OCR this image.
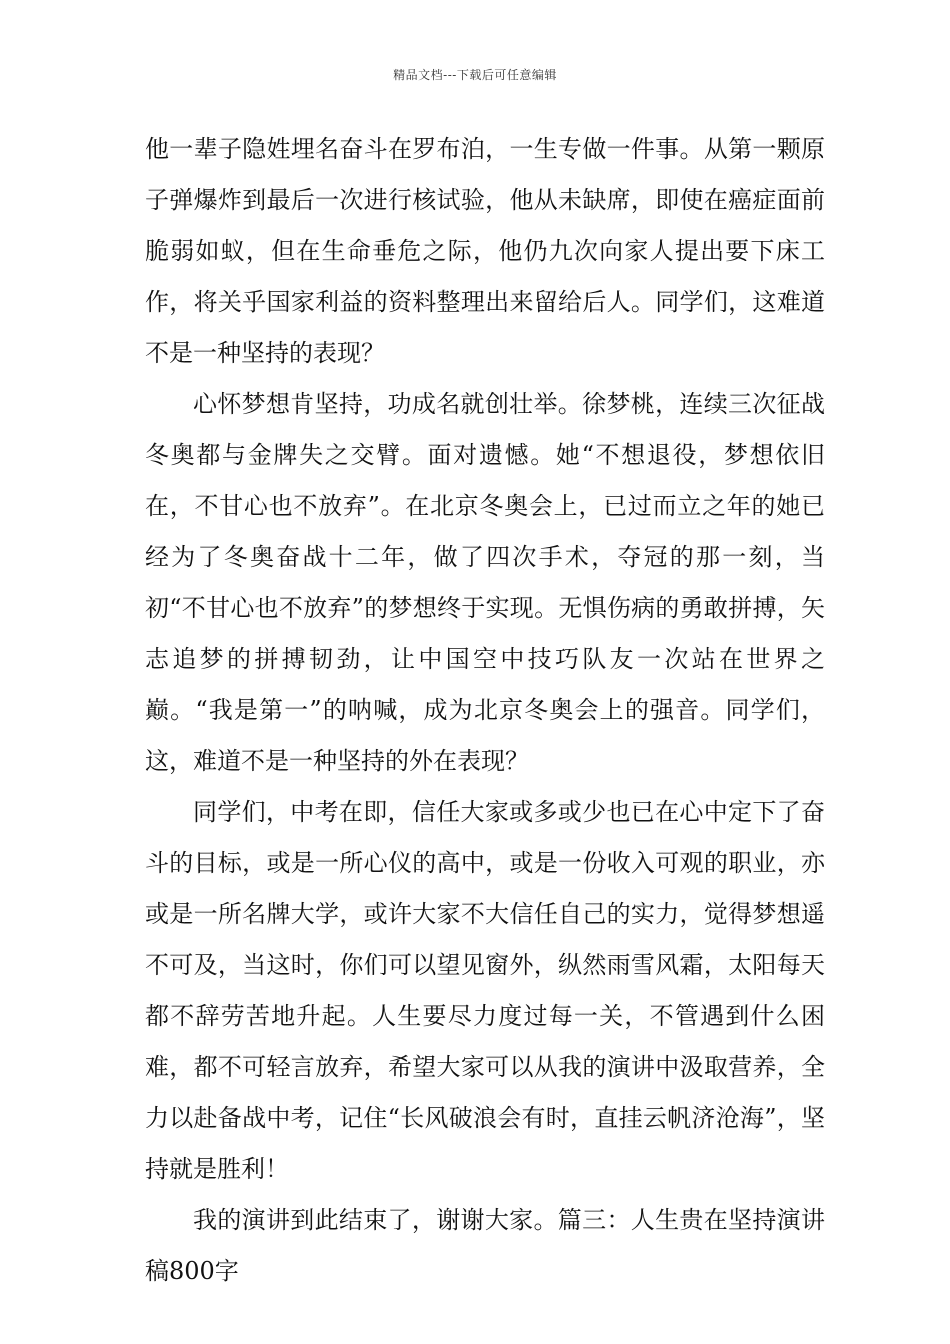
精品文档---下载后可任意编辑

他一辈子隐姓埋名奋斗在罗布泊，一生专做一件事。从第一颗原子弹爆炸到最后一次进行核试验，他从未缺席，即使在癌症面前脆弱如蚁，但在生命垂危之际，他仍九次向家人提出要下床工作，将关乎国家利益的资料整理出来留给后人。同学们，这难道不是一种坚持的表现？

心怀梦想肯坚持，功成名就创壮举。徐梦桃，连续三次征战冬奥都与金牌失之交臂。面对遗憾。她“不想退役，梦想依旧在，不甘心也不放弃”。在北京冬奥会上，已过而立之年的她已经为了冬奥奋战十二年，做了四次手术，夺冠的那一刻，当初“不甘心也不放弃”的梦想终于实现。无惧伤病的勇敢拼搏，矢志追梦的拼搏韧劲，让中国空中技巧队友一次站在世界之巅。“我是第一”的呐喊，成为北京冬奥会上的强音。同学们，这，难道不是一种坚持的外在表现？

同学们，中考在即，信任大家或多或少也已在心中定下了奋斗的目标，或是一所心仪的高中，或是一份收入可观的职业，亦或是一所名牌大学，或许大家不大信任自己的实力，觉得梦想遥不可及，当这时，你们可以望见窗外，纵然雨雪风霜，太阳每天都不辞劳苦地升起。人生要尽力度过每一关，不管遇到什么困难，都不可轻言放弃，希望大家可以从我的演讲中汲取营养，全力以赴备战中考，记住“长风破浪会有时，直挂云帆济沧海”，坚持就是胜利！

我的演讲到此结束了，谢谢大家。篇三：人生贵在坚持演讲稿800字
